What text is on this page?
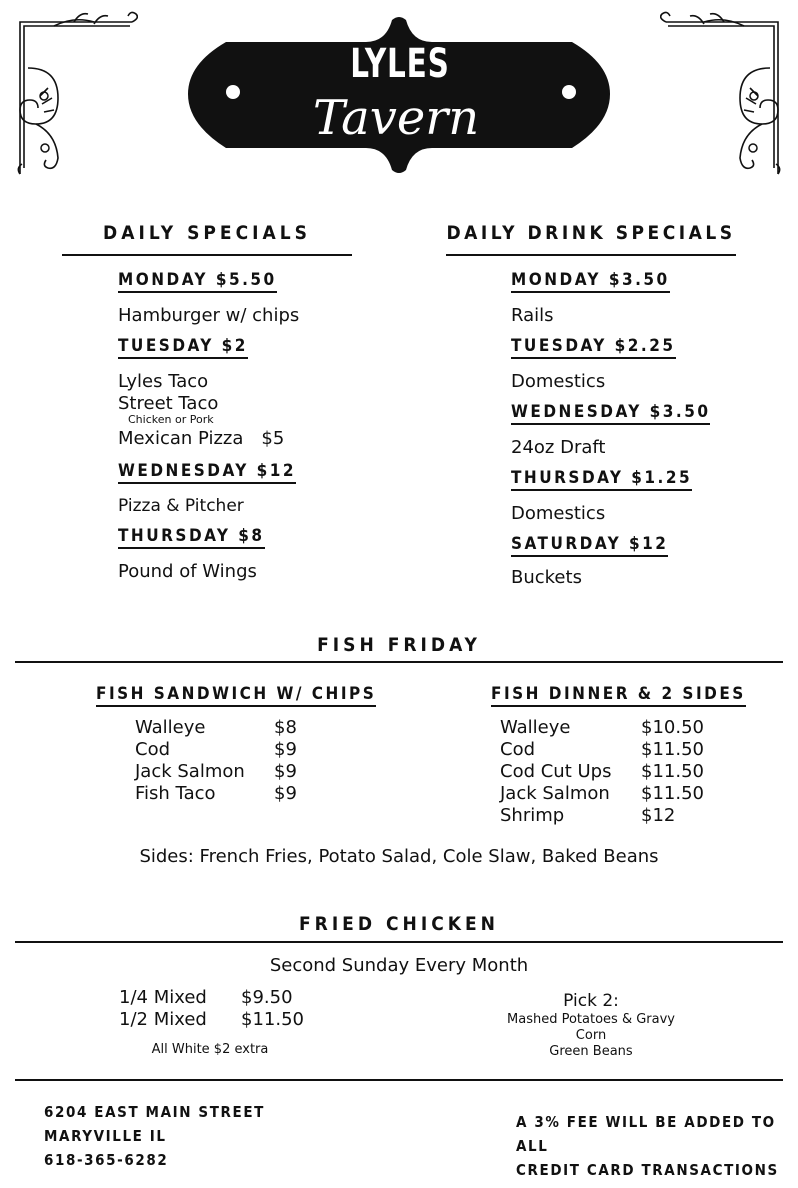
LYLES
Tavern
DAILY SPECIALS
MONDAY $5.50
Hamburger w/ chips
TUESDAY $2
Lyles Taco
Street Taco
Chicken or Pork
Mexican Pizza $5
WEDNESDAY $12
Pizza & Pitcher
THURSDAY $8
Pound of Wings
DAILY DRINK SPECIALS
MONDAY $3.50
Rails
TUESDAY $2.25
Domestics
WEDNESDAY $3.50
24oz Draft
THURSDAY $1.25
Domestics
SATURDAY $12
Buckets
FISH FRIDAY
FISH SANDWICH W/ CHIPS
Walleye	$8
Cod	$9
Jack Salmon	$9
Fish Taco	$9
FISH DINNER & 2 SIDES
Walleye	$10.50
Cod	$11.50
Cod Cut Ups	$11.50
Jack Salmon	$11.50
Shrimp	$12
Sides: French Fries, Potato Salad, Cole Slaw, Baked Beans
FRIED CHICKEN
Second Sunday Every Month
1/4 Mixed	$9.50
1/2 Mixed	$11.50
All White $2 extra
Pick 2:
Mashed Potatoes & Gravy
Corn
Green Beans
6204 EAST MAIN STREET
MARYVILLE IL
618-365-6282
A 3% FEE WILL BE ADDED TO ALL
CREDIT CARD TRANSACTIONS
